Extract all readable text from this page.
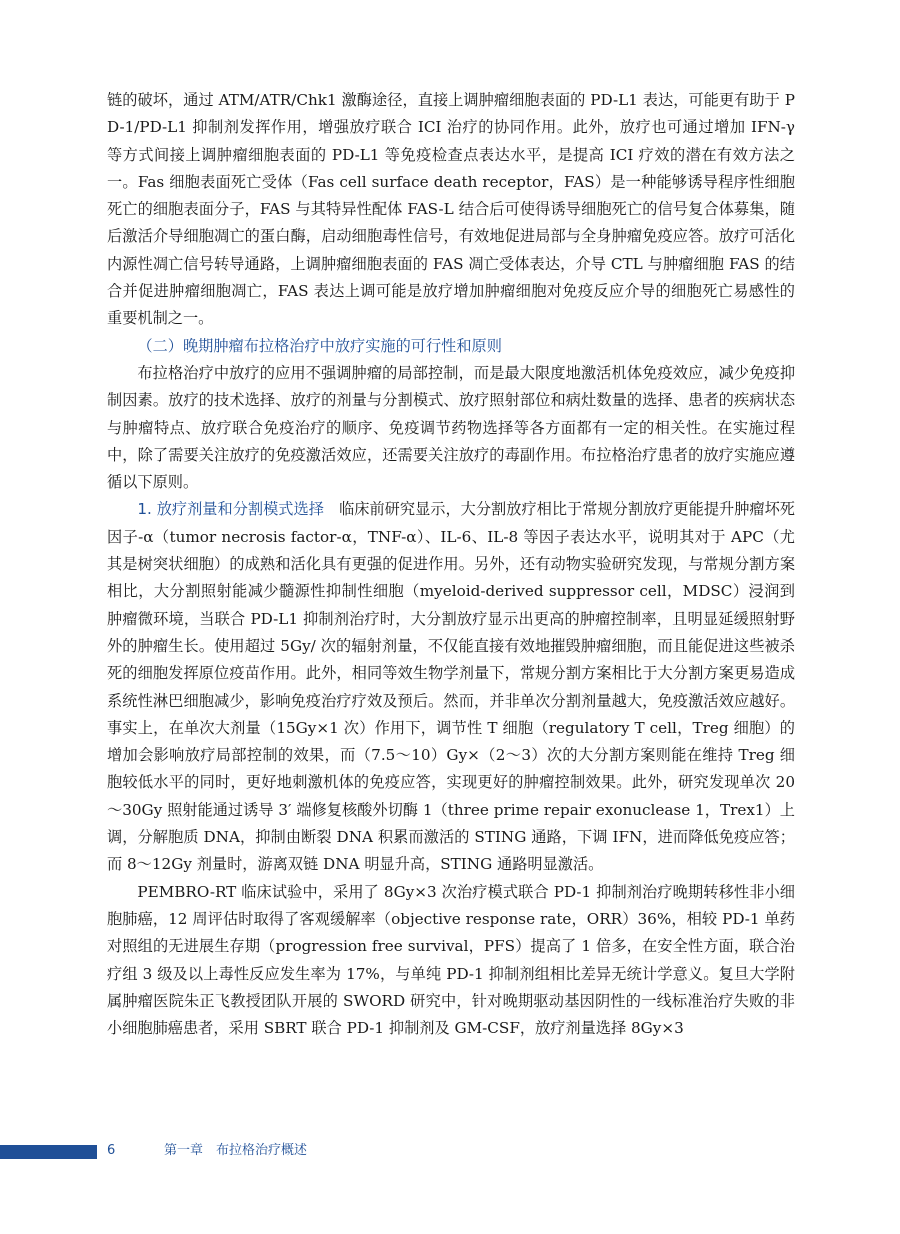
链的破坏，通过 ATM/ATR/Chk1 激酶途径，直接上调肿瘤细胞表面的 PD-L1 表达，可能更有助于 PD-1/PD-L1 抑制剂发挥作用，增强放疗联合 ICI 治疗的协同作用。此外，放疗也可通过增加 IFN-γ 等方式间接上调肿瘤细胞表面的 PD-L1 等免疫检查点表达水平，是提高 ICI 疗效的潜在有效方法之一。Fas 细胞表面死亡受体（Fas cell surface death receptor，FAS）是一种能够诱导程序性细胞死亡的细胞表面分子，FAS 与其特异性配体 FAS-L 结合后可使得诱导细胞死亡的信号复合体募集，随后激活介导细胞凋亡的蛋白酶，启动细胞毒性信号，有效地促进局部与全身肿瘤免疫应答。放疗可活化内源性凋亡信号转导通路，上调肿瘤细胞表面的 FAS 凋亡受体表达，介导 CTL 与肿瘤细胞 FAS 的结合并促进肿瘤细胞凋亡，FAS 表达上调可能是放疗增加肿瘤细胞对免疫反应介导的细胞死亡易感性的重要机制之一。

（二）晚期肿瘤布拉格治疗中放疗实施的可行性和原则

布拉格治疗中放疗的应用不强调肿瘤的局部控制，而是最大限度地激活机体免疫效应，减少免疫抑制因素。放疗的技术选择、放疗的剂量与分割模式、放疗照射部位和病灶数量的选择、患者的疾病状态与肿瘤特点、放疗联合免疫治疗的顺序、免疫调节药物选择等各方面都有一定的相关性。在实施过程中，除了需要关注放疗的免疫激活效应，还需要关注放疗的毒副作用。布拉格治疗患者的放疗实施应遵循以下原则。

1. 放疗剂量和分割模式选择 临床前研究显示，大分割放疗相比于常规分割放疗更能提升肿瘤坏死因子-α（tumor necrosis factor-α，TNF-α）、IL-6、IL-8 等因子表达水平，说明其对于 APC（尤其是树突状细胞）的成熟和活化具有更强的促进作用。另外，还有动物实验研究发现，与常规分割方案相比，大分割照射能减少髓源性抑制性细胞（myeloid-derived suppressor cell，MDSC）浸润到肿瘤微环境，当联合 PD-L1 抑制剂治疗时，大分割放疗显示出更高的肿瘤控制率，且明显延缓照射野外的肿瘤生长。使用超过 5Gy/ 次的辐射剂量，不仅能直接有效地摧毁肿瘤细胞，而且能促进这些被杀死的细胞发挥原位疫苗作用。此外，相同等效生物学剂量下，常规分割方案相比于大分割方案更易造成系统性淋巴细胞减少，影响免疫治疗疗效及预后。然而，并非单次分割剂量越大，免疫激活效应越好。事实上，在单次大剂量（15Gy×1 次）作用下，调节性 T 细胞（regulatory T cell，Treg 细胞）的增加会影响放疗局部控制的效果，而（7.5～10）Gy×（2～3）次的大分割方案则能在维持 Treg 细胞较低水平的同时，更好地刺激机体的免疫应答，实现更好的肿瘤控制效果。此外，研究发现单次 20～30Gy 照射能通过诱导 3′ 端修复核酸外切酶 1（three prime repair exonuclease 1，Trex1）上调，分解胞质 DNA，抑制由断裂 DNA 积累而激活的 STING 通路，下调 IFN，进而降低免疫应答；而 8～12Gy 剂量时，游离双链 DNA 明显升高，STING 通路明显激活。

PEMBRO-RT 临床试验中，采用了 8Gy×3 次治疗模式联合 PD-1 抑制剂治疗晚期转移性非小细胞肺癌，12 周评估时取得了客观缓解率（objective response rate，ORR）36%，相较 PD-1 单药对照组的无进展生存期（progression free survival，PFS）提高了 1 倍多，在安全性方面，联合治疗组 3 级及以上毒性反应发生率为 17%，与单纯 PD-1 抑制剂组相比差异无统计学意义。复旦大学附属肿瘤医院朱正飞教授团队开展的 SWORD 研究中，针对晚期驱动基因阴性的一线标准治疗失败的非小细胞肺癌患者，采用 SBRT 联合 PD-1 抑制剂及 GM-CSF，放疗剂量选择 8Gy×3

6	第一章　布拉格治疗概述
